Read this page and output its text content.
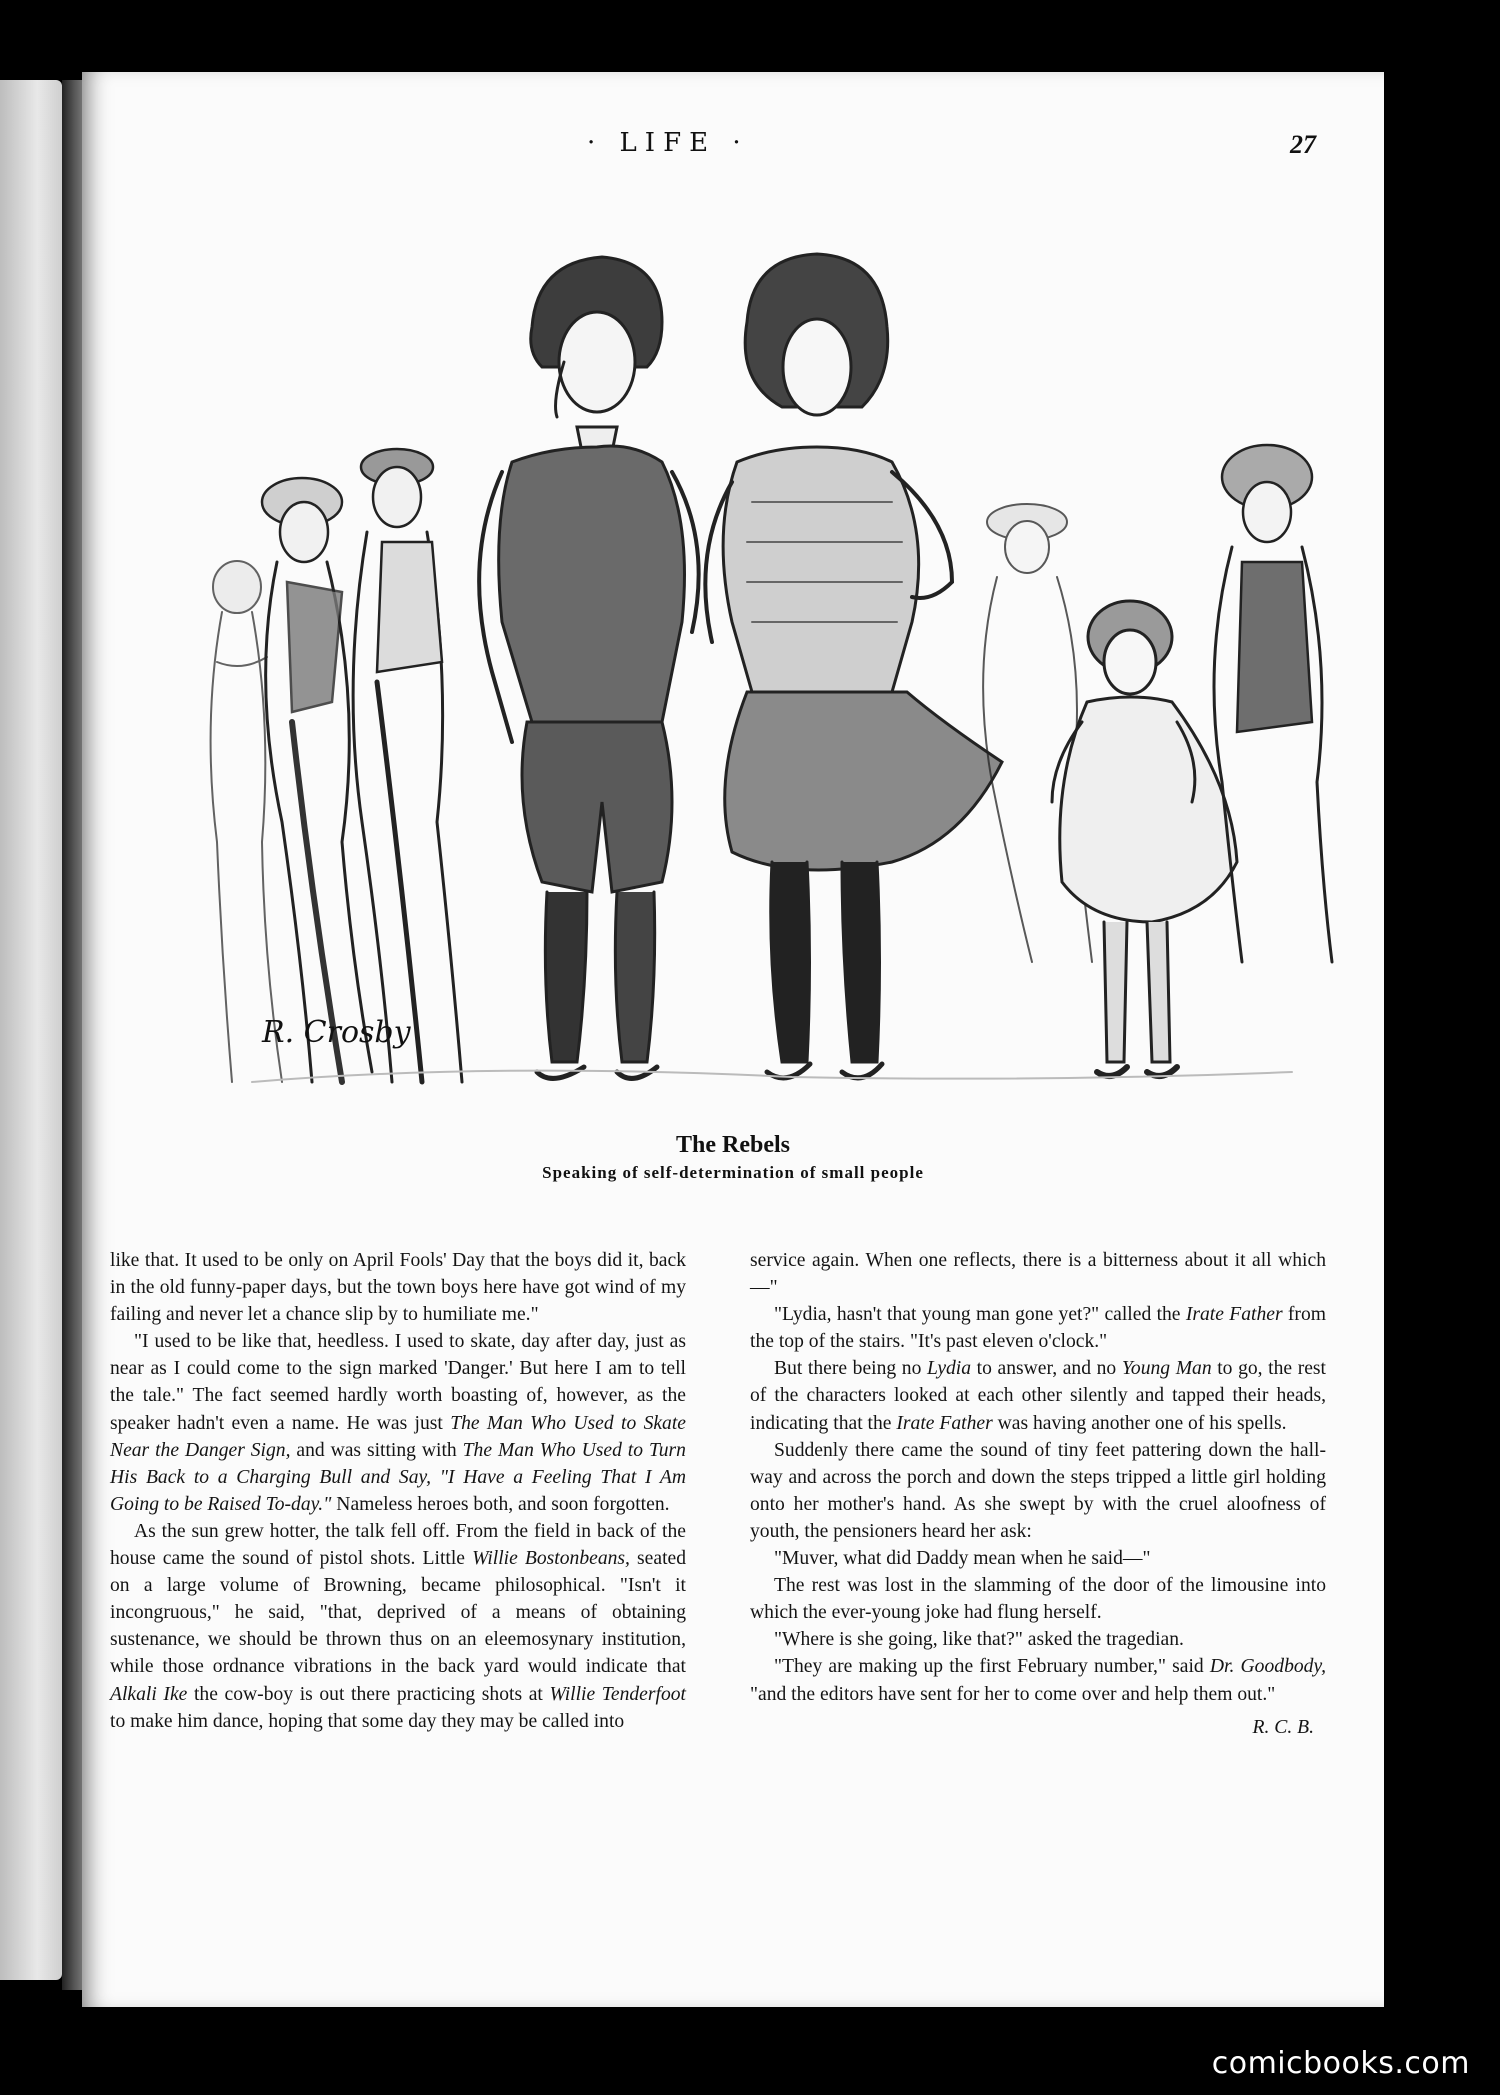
· LIFE ·	27
R. Crosby
The Rebels
Speaking of self-determination of small people

like that. It used to be only on April Fools' Day that the boys did it, back in the old funny-paper days, but the town boys here have got wind of my failing and never let a chance slip by to humiliate me."

"I used to be like that, heedless. I used to skate, day after day, just as near as I could come to the sign marked 'Danger.' But here I am to tell the tale." The fact seemed hardly worth boasting of, however, as the speaker hadn't even a name. He was just The Man Who Used to Skate Near the Danger Sign, and was sitting with The Man Who Used to Turn His Back to a Charging Bull and Say, "I Have a Feeling That I Am Going to be Raised To-day." Nameless heroes both, and soon forgotten.

As the sun grew hotter, the talk fell off. From the field in back of the house came the sound of pistol shots. Little Willie Bostonbeans, seated on a large volume of Browning, became philosophical. "Isn't it incongruous," he said, "that, deprived of a means of obtaining sustenance, we should be thrown thus on an eleemosynary institution, while those ordnance vibrations in the back yard would indicate that Alkali Ike the cow-boy is out there practicing shots at Willie Tenderfoot to make him dance, hoping that some day they may be called into

service again. When one reflects, there is a bitterness about it all which—"

"Lydia, hasn't that young man gone yet?" called the Irate Father from the top of the stairs. "It's past eleven o'clock."

But there being no Lydia to answer, and no Young Man to go, the rest of the characters looked at each other silently and tapped their heads, indicating that the Irate Father was having another one of his spells.

Suddenly there came the sound of tiny feet pattering down the hall-way and across the porch and down the steps tripped a little girl holding onto her mother's hand. As she swept by with the cruel aloofness of youth, the pensioners heard her ask:

"Muver, what did Daddy mean when he said—"

The rest was lost in the slamming of the door of the limousine into which the ever-young joke had flung herself.

"Where is she going, like that?" asked the tragedian.

"They are making up the first February number," said Dr. Goodbody, "and the editors have sent for her to come over and help them out."

R. C. B.

comicbooks.com
